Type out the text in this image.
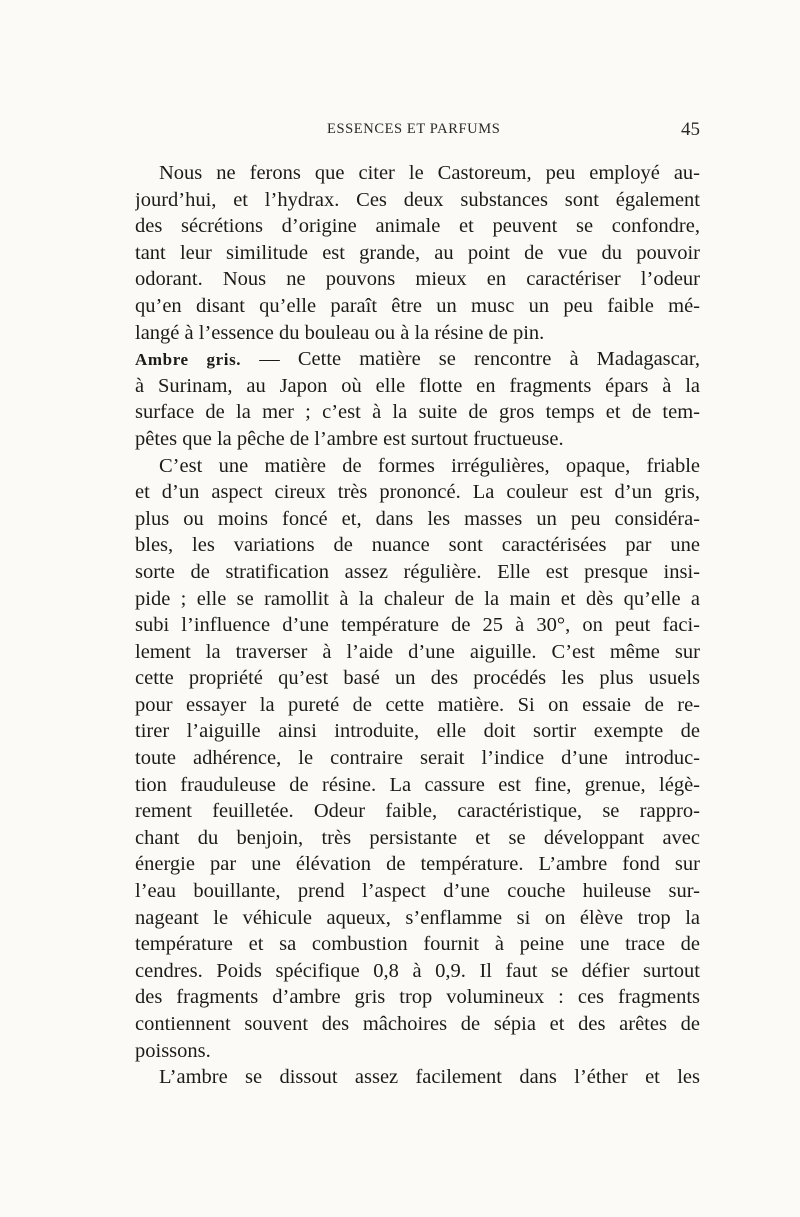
ESSENCES ET PARFUMS	45
Nous ne ferons que citer le Castoreum, peu employé au-
jourd’hui, et l’hydrax. Ces deux substances sont également
des sécrétions d’origine animale et peuvent se confondre,
tant leur similitude est grande, au point de vue du pouvoir
odorant. Nous ne pouvons mieux en caractériser l’odeur
qu’en disant qu’elle paraît être un musc un peu faible mé-
langé à l’essence du bouleau ou à la résine de pin.
Ambre gris. — Cette matière se rencontre à Madagascar,
à Surinam, au Japon où elle flotte en fragments épars à la
surface de la mer ; c’est à la suite de gros temps et de tem-
pêtes que la pêche de l’ambre est surtout fructueuse.
C’est une matière de formes irrégulières, opaque, friable
et d’un aspect cireux très prononcé. La couleur est d’un gris,
plus ou moins foncé et, dans les masses un peu considéra-
bles, les variations de nuance sont caractérisées par une
sorte de stratification assez régulière. Elle est presque insi-
pide ; elle se ramollit à la chaleur de la main et dès qu’elle a
subi l’influence d’une température de 25 à 30°, on peut faci-
lement la traverser à l’aide d’une aiguille. C’est même sur
cette propriété qu’est basé un des procédés les plus usuels
pour essayer la pureté de cette matière. Si on essaie de re-
tirer l’aiguille ainsi introduite, elle doit sortir exempte de
toute adhérence, le contraire serait l’indice d’une introduc-
tion frauduleuse de résine. La cassure est fine, grenue, légè-
rement feuilletée. Odeur faible, caractéristique, se rappro-
chant du benjoin, très persistante et se développant avec
énergie par une élévation de température. L’ambre fond sur
l’eau bouillante, prend l’aspect d’une couche huileuse sur-
nageant le véhicule aqueux, s’enflamme si on élève trop la
température et sa combustion fournit à peine une trace de
cendres. Poids spécifique 0,8 à 0,9. Il faut se défier surtout
des fragments d’ambre gris trop volumineux : ces fragments
contiennent souvent des mâchoires de sépia et des arêtes de
poissons.
L’ambre se dissout assez facilement dans l’éther et les
